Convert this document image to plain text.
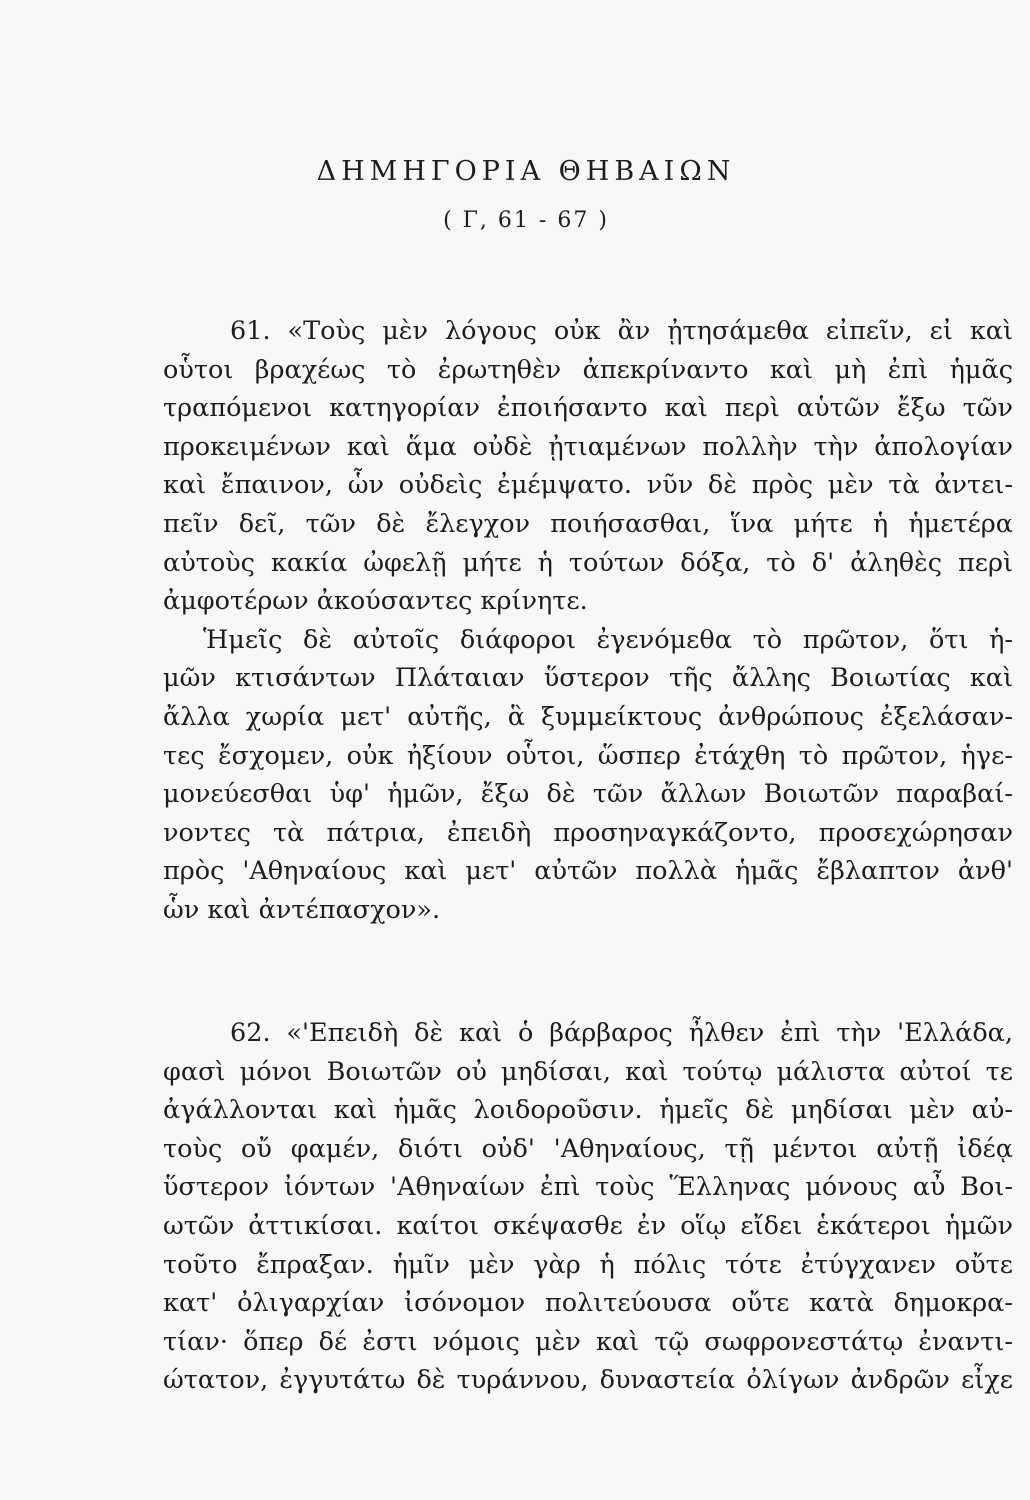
ΔΗΜΗΓΟΡΙΑ ΘΗΒΑΙΩΝ
( Γ, 61 - 67 )
61. «Τοὺς μὲν λόγους οὐκ ἂν ᾐτησάμεθα εἰπεῖν, εἰ καὶ
οὗτοι βραχέως τὸ ἐρωτηθὲν ἀπεκρίναντο καὶ μὴ ἐπὶ ἡμᾶς
τραπόμενοι κατηγορίαν ἐποιήσαντο καὶ περὶ αὑτῶν ἔξω τῶν
προκειμένων καὶ ἅμα οὐδὲ ᾐτιαμένων πολλὴν τὴν ἀπολογίαν
καὶ ἔπαινον, ὧν οὐδεὶς ἐμέμψατο. νῦν δὲ πρὸς μὲν τὰ ἀντει-
πεῖν δεῖ, τῶν δὲ ἔλεγχον ποιήσασθαι, ἵνα μήτε ἡ ἡμετέρα
αὐτοὺς κακία ὠφελῇ μήτε ἡ τούτων δόξα, τὸ δ' ἀληθὲς περὶ
ἀμφοτέρων ἀκούσαντες κρίνητε.
Ἡμεῖς δὲ αὐτοῖς διάφοροι ἐγενόμεθα τὸ πρῶτον, ὅτι ἡ-
μῶν κτισάντων Πλάταιαν ὕστερον τῆς ἄλλης Βοιωτίας καὶ
ἄλλα χωρία μετ' αὐτῆς, ἃ ξυμμείκτους ἀνθρώπους ἐξελάσαν-
τες ἔσχομεν, οὐκ ἠξίουν οὗτοι, ὥσπερ ἐτάχθη τὸ πρῶτον, ἡγε-
μονεύεσθαι ὑφ' ἡμῶν, ἔξω δὲ τῶν ἄλλων Βοιωτῶν παραβαί-
νοντες τὰ πάτρια, ἐπειδὴ προσηναγκάζοντο, προσεχώρησαν
πρὸς 'Αθηναίους καὶ μετ' αὐτῶν πολλὰ ἡμᾶς ἔβλαπτον ἀνθ'
ὧν καὶ ἀντέπασχον».
62. «'Επειδὴ δὲ καὶ ὁ βάρβαρος ἦλθεν ἐπὶ τὴν 'Ελλάδα,
φασὶ μόνοι Βοιωτῶν οὐ μηδίσαι, καὶ τούτῳ μάλιστα αὐτοί τε
ἀγάλλονται καὶ ἡμᾶς λοιδοροῦσιν. ἡμεῖς δὲ μηδίσαι μὲν αὐ-
τοὺς οὔ φαμέν, διότι οὐδ' 'Αθηναίους, τῇ μέντοι αὐτῇ ἰδέᾳ
ὕστερον ἰόντων 'Αθηναίων ἐπὶ τοὺς Ἕλληνας μόνους αὖ Βοι-
ωτῶν ἀττικίσαι. καίτοι σκέψασθε ἐν οἵῳ εἴδει ἑκάτεροι ἡμῶν
τοῦτο ἔπραξαν. ἡμῖν μὲν γὰρ ἡ πόλις τότε ἐτύγχανεν οὔτε
κατ' ὀλιγαρχίαν ἰσόνομον πολιτεύουσα οὔτε κατὰ δημοκρα-
τίαν· ὅπερ δέ ἐστι νόμοις μὲν καὶ τῷ σωφρονεστάτῳ ἐναντι-
ώτατον, ἐγγυτάτω δὲ τυράννου, δυναστεία ὀλίγων ἀνδρῶν εἶχε
